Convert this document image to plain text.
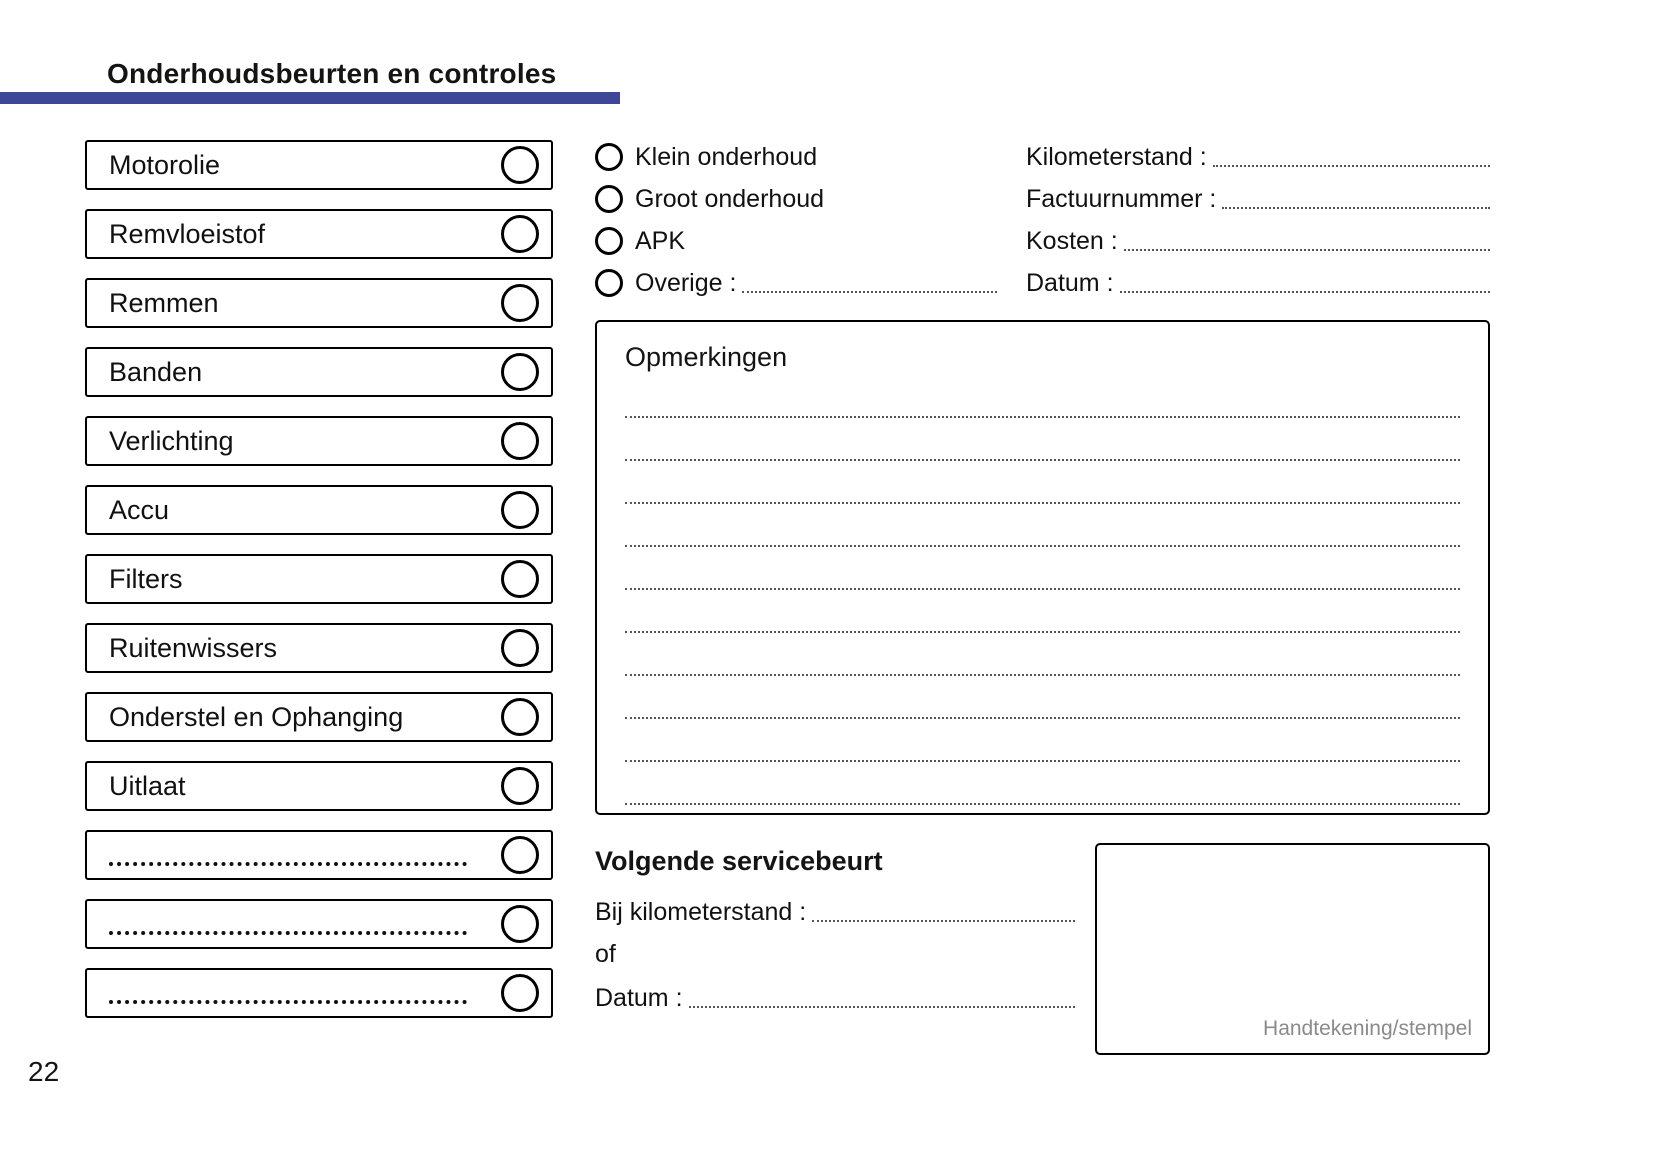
Onderhoudsbeurten en controles
Motorolie
Remvloeistof
Remmen
Banden
Verlichting
Accu
Filters
Ruitenwissers
Onderstel en Ophanging
Uitlaat
Klein onderhoud
Groot onderhoud
APK
Overige :
Kilometerstand :
Factuurnummer :
Kosten :
Datum :
Opmerkingen
Volgende servicebeurt
Bij kilometerstand :
of
Datum :
Handtekening/stempel
22
